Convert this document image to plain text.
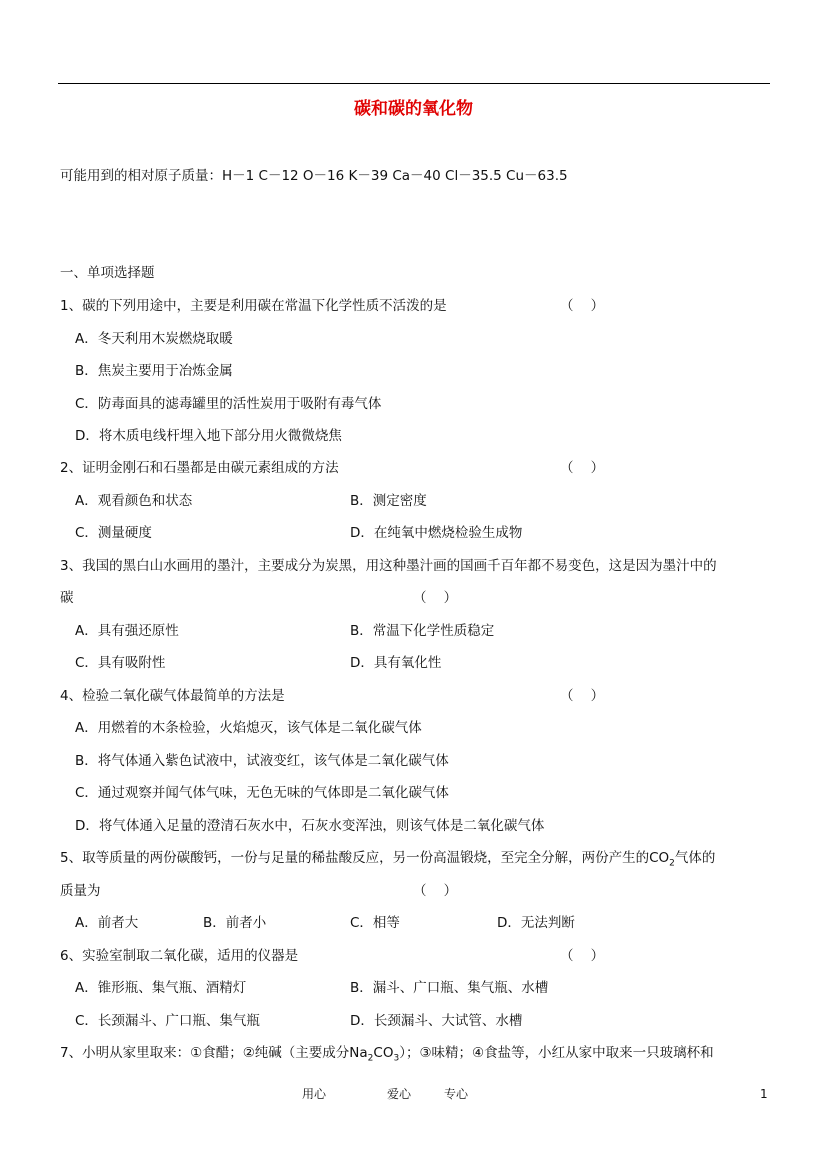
碳和碳的氧化物
可能用到的相对原子质量：H－1 C－12 O－16 K－39 Ca－40 Cl－35.5 Cu－63.5
一、单项选择题
1、碳的下列用途中，主要是利用碳在常温下化学性质不活泼的是	（    ）
A．冬天利用木炭燃烧取暖
B．焦炭主要用于冶炼金属
C．防毒面具的滤毒罐里的活性炭用于吸附有毒气体
D．将木质电线杆埋入地下部分用火微微烧焦
2、证明金刚石和石墨都是由碳元素组成的方法	（    ）
A．观看颜色和状态	B．测定密度
C．测量硬度	D．在纯氧中燃烧检验生成物
3、我国的黑白山水画用的墨汁，主要成分为炭黑，用这种墨汁画的国画千百年都不易变色，这是因为墨汁中的
碳	（    ）
A．具有强还原性	B．常温下化学性质稳定
C．具有吸附性	D．具有氧化性
4、检验二氧化碳气体最简单的方法是	（    ）
A．用燃着的木条检验，火焰熄灭，该气体是二氧化碳气体
B．将气体通入紫色试液中，试液变红，该气体是二氧化碳气体
C．通过观察并闻气体气味，无色无味的气体即是二氧化碳气体
D．将气体通入足量的澄清石灰水中，石灰水变浑浊，则该气体是二氧化碳气体
5、取等质量的两份碳酸钙，一份与足量的稀盐酸反应，另一份高温锻烧，至完全分解，两份产生的$CO_2$气体的
质量为	（    ）
A．前者大	B．前者小	C．相等	D．无法判断
6、实验室制取二氧化碳，适用的仪器是	（    ）
A．锥形瓶、集气瓶、酒精灯	B．漏斗、广口瓶、集气瓶、水槽
C．长颈漏斗、广口瓶、集气瓶	D．长颈漏斗、大试管、水槽
7、小明从家里取来：①食醋；②纯碱（主要成分$Na_2CO_3$）；③味精；④食盐等，小红从家中取来一只玻璃杯和
用心	爱心	专心	1
